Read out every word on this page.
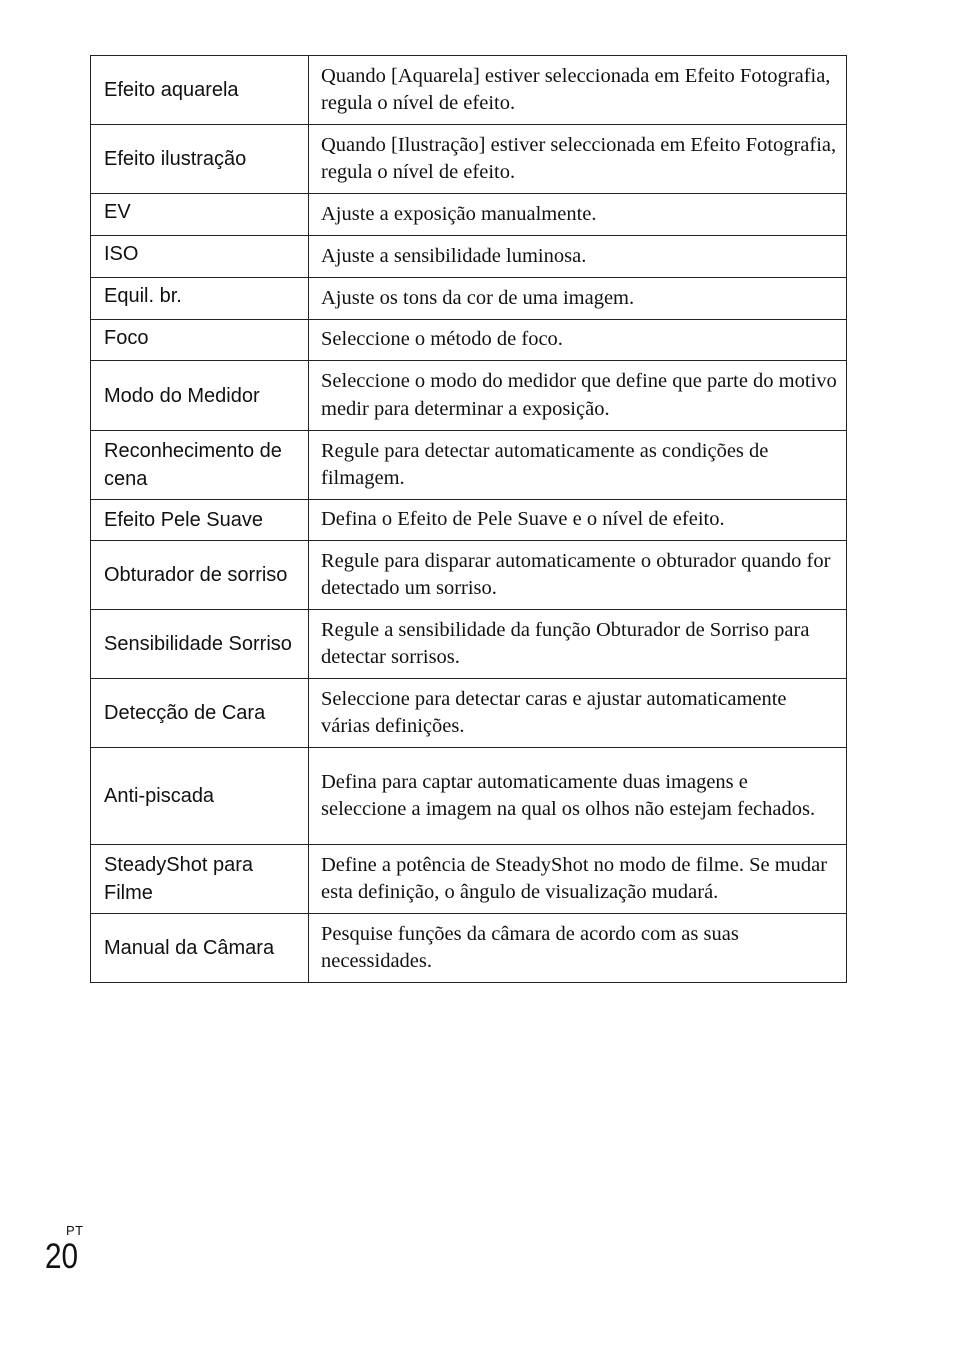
Efeito aquarela	Quando [Aquarela] estiver seleccionada em Efeito Fotografia, regula o nível de efeito.
Efeito ilustração	Quando [Ilustração] estiver seleccionada em Efeito Fotografia, regula o nível de efeito.

EV	Ajuste a exposição manualmente.

ISO	Ajuste a sensibilidade luminosa.

Equil. br.	Ajuste os tons da cor de uma imagem.

Foco	Seleccione o método de foco.
Modo do Medidor	Seleccione o modo do medidor que define que parte do motivo medir para determinar a exposição.
Reconhecimento de cena	Regule para detectar automaticamente as condições de filmagem.
Efeito Pele Suave	Defina o Efeito de Pele Suave e o nível de efeito.
Obturador de sorriso	Regule para disparar automaticamente o obturador quando for detectado um sorriso.
Sensibilidade Sorriso	Regule a sensibilidade da função Obturador de Sorriso para detectar sorrisos.
Detecção de Cara	Seleccione para detectar caras e ajustar automaticamente várias definições.
Anti-piscada	Defina para captar automaticamente duas imagens e seleccione a imagem na qual os olhos não estejam fechados.
SteadyShot para Filme	Define a potência de SteadyShot no modo de filme. Se mudar esta definição, o ângulo de visualização mudará.
Manual da Câmara	Pesquise funções da câmara de acordo com as suas necessidades.
PT
20
